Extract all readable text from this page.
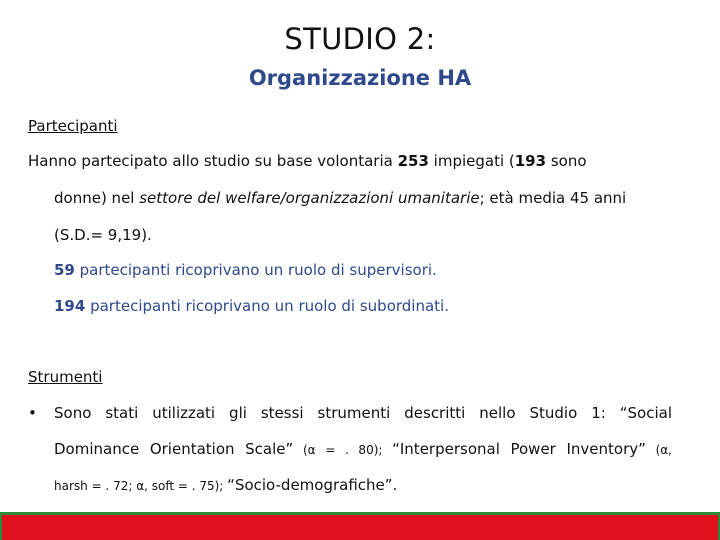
STUDIO 2:
Organizzazione HA
Partecipanti
Hanno partecipato allo studio su base volontaria 253 impiegati (193 sono
donne) nel settore del welfare/organizzazioni umanitarie; età media 45 anni
(S.D.= 9,19).
59 partecipanti ricoprivano un ruolo di supervisori.
194 partecipanti ricoprivano un ruolo di subordinati.
Strumenti
• Sono stati utilizzati gli stessi strumenti descritti nello Studio 1: “Social
Dominance Orientation Scale” (α = . 80); “Interpersonal Power Inventory” (α,
harsh = . 72; α, soft = . 75); “Socio-demografiche”.
